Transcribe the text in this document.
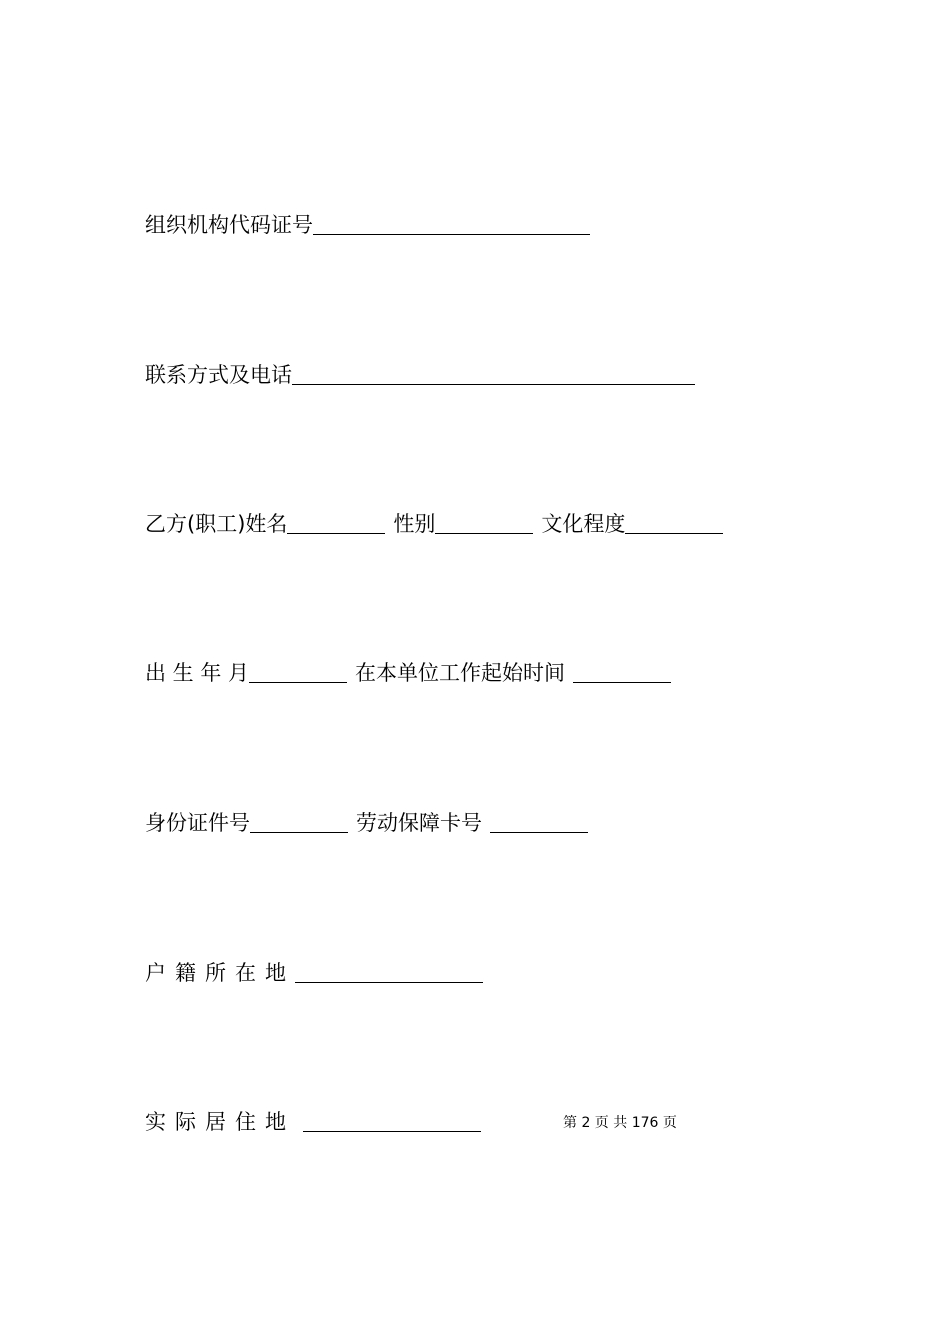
组织机构代码证号
联系方式及电话
乙方(职工)姓名	性别	文化程度
出 生 年 月	在本单位工作起始时间
身份证件号	劳动保障卡号
户籍所在地
实际居住地	第 2 页 共 176 页
